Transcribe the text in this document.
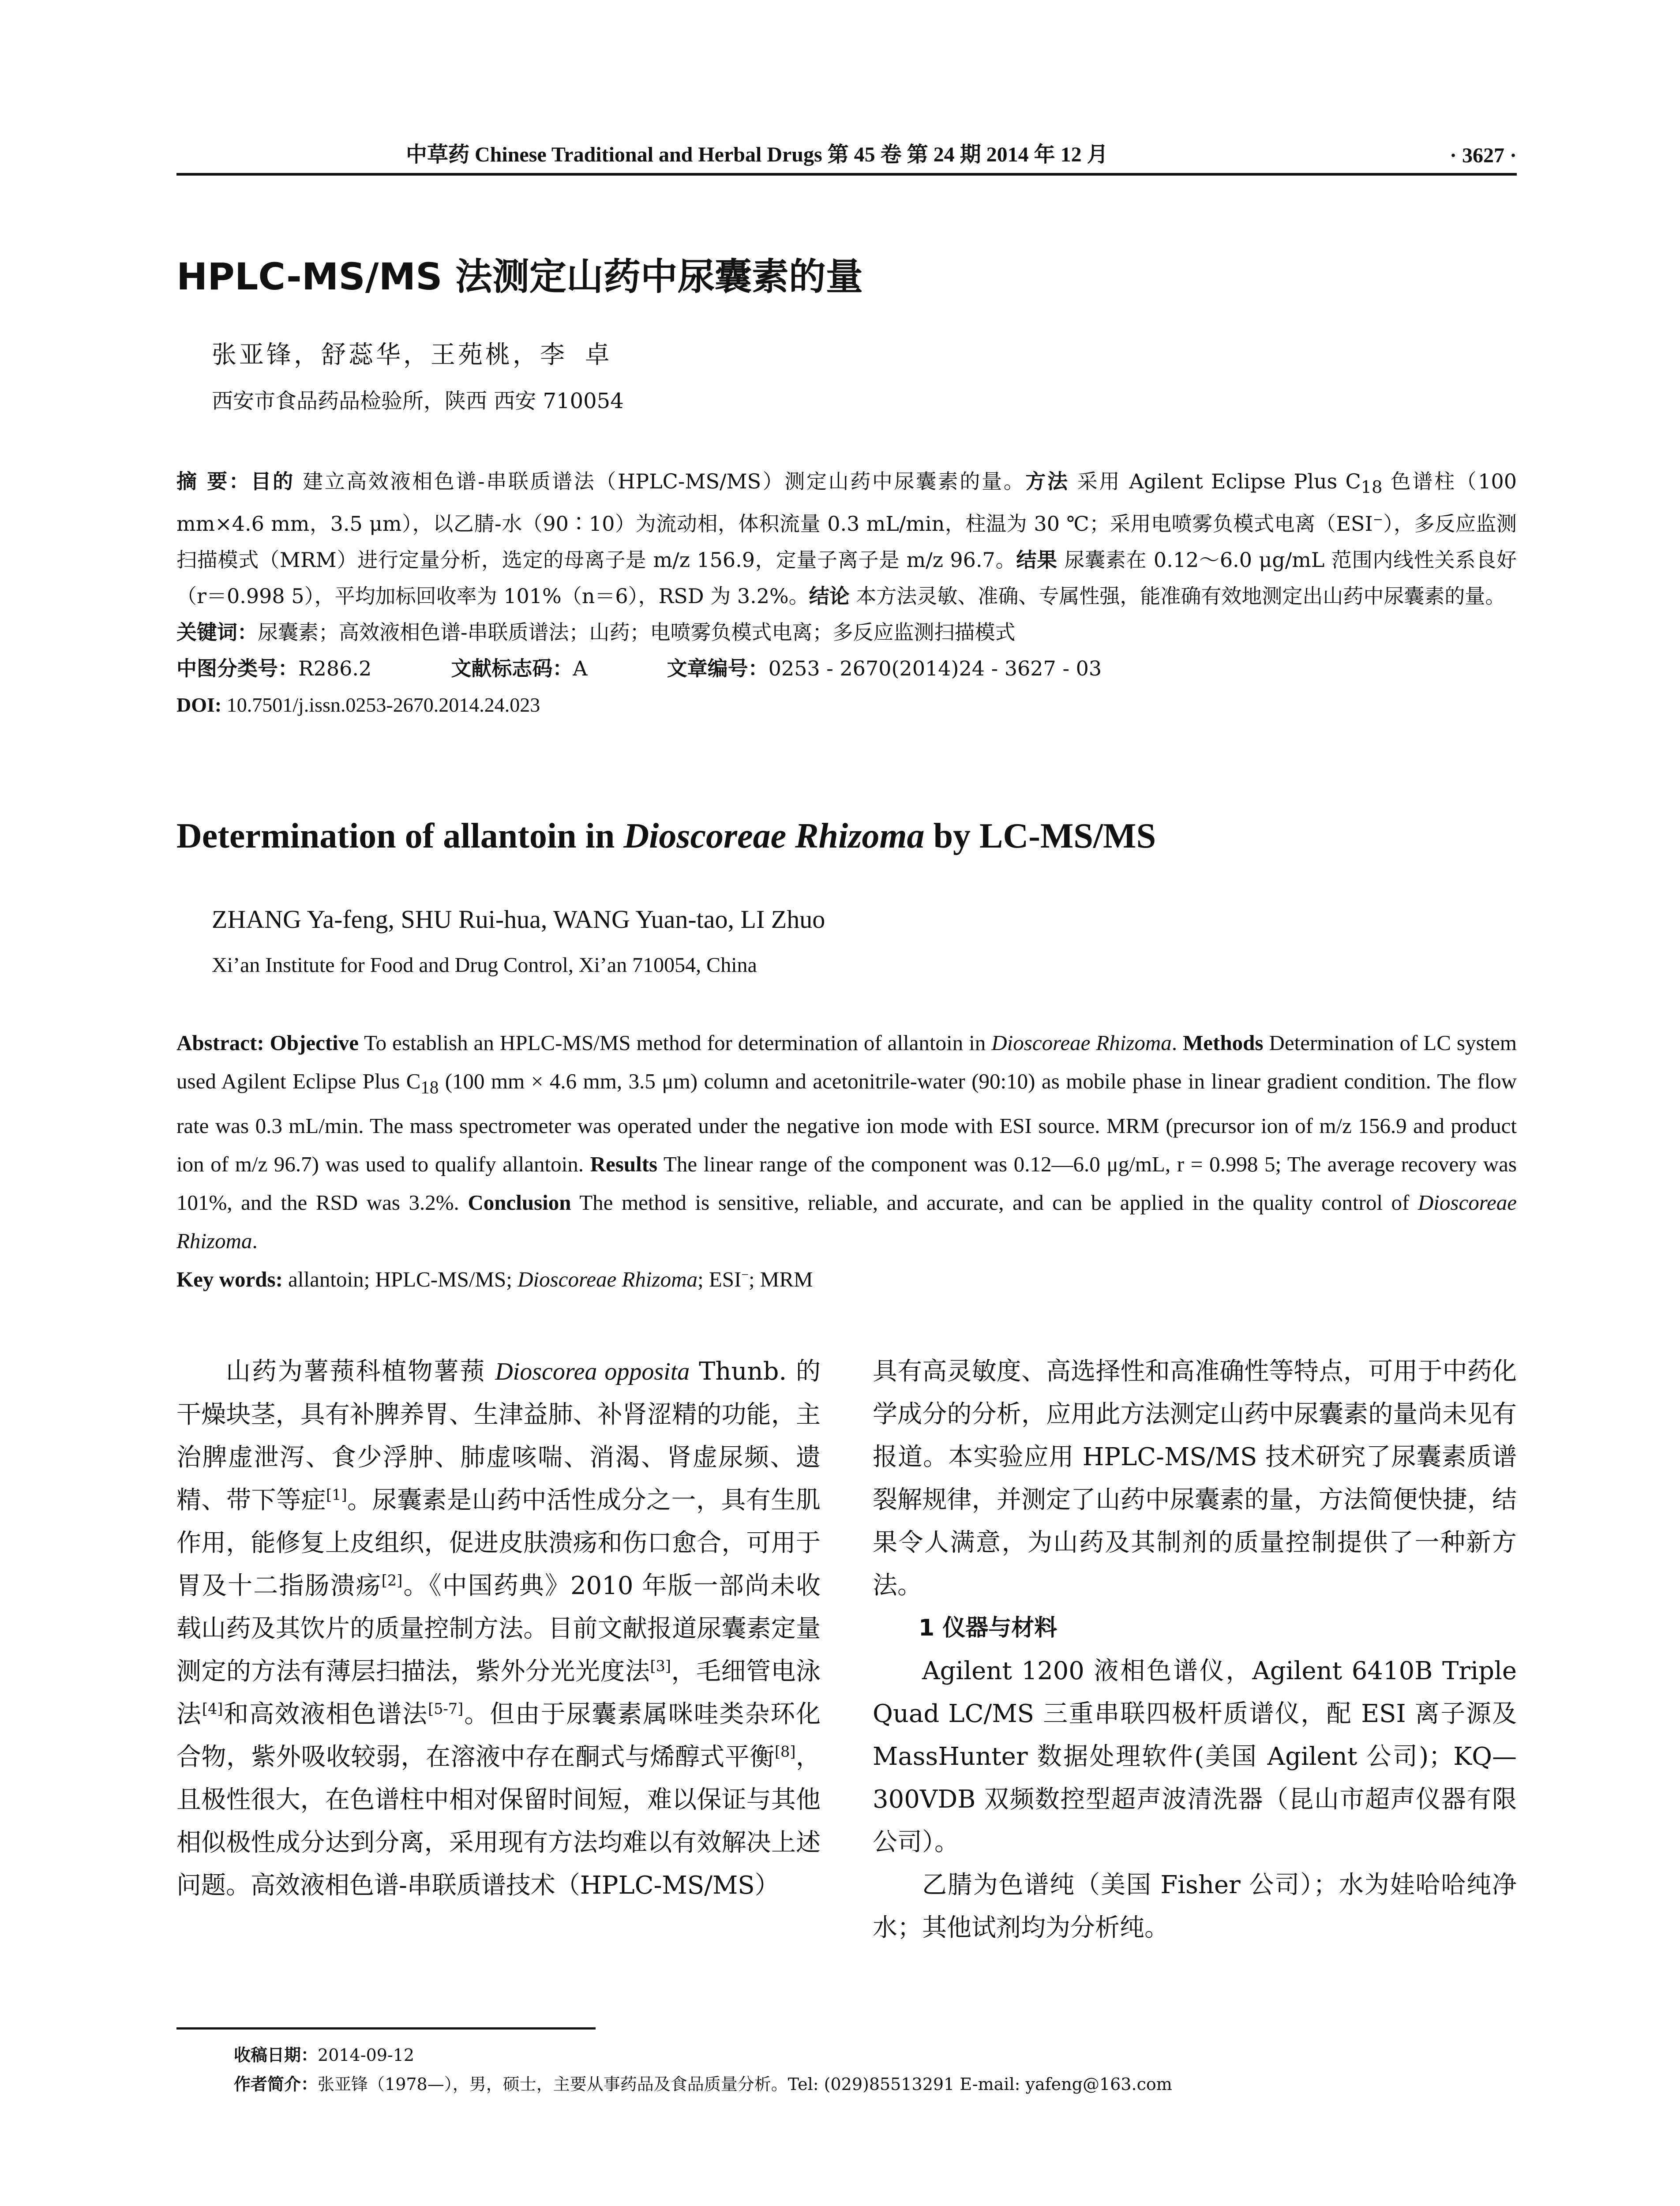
中草药 Chinese Traditional and Herbal Drugs 第 45 卷 第 24 期 2014 年 12 月	· 3627 ·
HPLC-MS/MS 法测定山药中尿囊素的量
张亚锋，舒蕊华，王苑桃，李 卓
西安市食品药品检验所，陕西 西安 710054

摘 要：目的 建立高效液相色谱-串联质谱法（HPLC-MS/MS）测定山药中尿囊素的量。方法 采用 Agilent Eclipse Plus $C_{18}$ 色谱柱（100 mm×4.6 mm，3.5 μm），以乙腈-水（90∶10）为流动相，体积流量 0.3 mL/min，柱温为 30 ℃；采用电喷雾负模式电离（ESI−），多反应监测扫描模式（MRM）进行定量分析，选定的母离子是 m/z 156.9，定量子离子是 m/z 96.7。结果 尿囊素在 0.12～6.0 μg/mL 范围内线性关系良好（r＝0.998 5），平均加标回收率为 101%（n＝6），RSD 为 3.2%。结论 本方法灵敏、准确、专属性强，能准确有效地测定出山药中尿囊素的量。

关键词：尿囊素；高效液相色谱-串联质谱法；山药；电喷雾负模式电离；多反应监测扫描模式

中图分类号：R286.2	文献标志码：A	文章编号：0253 - 2670(2014)24 - 3627 - 03

DOI: 10.7501/j.issn.0253-2670.2014.24.023

Determination of allantoin in Dioscoreae Rhizoma by LC-MS/MS
ZHANG Ya-feng, SHU Rui-hua, WANG Yuan-tao, LI Zhuo
Xi’an Institute for Food and Drug Control, Xi’an 710054, China

Abstract: Objective To establish an HPLC-MS/MS method for determination of allantoin in Dioscoreae Rhizoma. Methods Determination of LC system used Agilent Eclipse Plus $C_{18}$ (100 mm × 4.6 mm, 3.5 μm) column and acetonitrile-water (90:10) as mobile phase in linear gradient condition. The flow rate was 0.3 mL/min. The mass spectrometer was operated under the negative ion mode with ESI source. MRM (precursor ion of m/z 156.9 and product ion of m/z 96.7) was used to qualify allantoin. Results The linear range of the component was 0.12—6.0 μg/mL, r = 0.998 5; The average recovery was 101%, and the RSD was 3.2%. Conclusion The method is sensitive, reliable, and accurate, and can be applied in the quality control of Dioscoreae Rhizoma.

Key words: allantoin; HPLC-MS/MS; Dioscoreae Rhizoma; ESI−; MRM

山药为薯蓣科植物薯蓣 Dioscorea opposita Thunb. 的干燥块茎，具有补脾养胃、生津益肺、补肾涩精的功能，主治脾虚泄泻、食少浮肿、肺虚咳喘、消渴、肾虚尿频、遗精、带下等症[1]。尿囊素是山药中活性成分之一，具有生肌作用，能修复上皮组织，促进皮肤溃疡和伤口愈合，可用于胃及十二指肠溃疡[2]。《中国药典》2010 年版一部尚未收载山药及其饮片的质量控制方法。目前文献报道尿囊素定量测定的方法有薄层扫描法，紫外分光光度法[3]，毛细管电泳法[4]和高效液相色谱法[5-7]。但由于尿囊素属咪哇类杂环化合物，紫外吸收较弱，在溶液中存在酮式与烯醇式平衡[8]，且极性很大，在色谱柱中相对保留时间短，难以保证与其他相似极性成分达到分离，采用现有方法均难以有效解决上述问题。高效液相色谱-串联质谱技术（HPLC-MS/MS）

具有高灵敏度、高选择性和高准确性等特点，可用于中药化学成分的分析，应用此方法测定山药中尿囊素的量尚未见有报道。本实验应用 HPLC-MS/MS 技术研究了尿囊素质谱裂解规律，并测定了山药中尿囊素的量，方法简便快捷，结果令人满意，为山药及其制剂的质量控制提供了一种新方法。

1 仪器与材料

Agilent 1200 液相色谱仪，Agilent 6410B Triple Quad LC/MS 三重串联四极杆质谱仪，配 ESI 离子源及 MassHunter 数据处理软件(美国 Agilent 公司)；KQ—300VDB 双频数控型超声波清洗器（昆山市超声仪器有限公司）。

乙腈为色谱纯（美国 Fisher 公司）；水为娃哈哈纯净水；其他试剂均为分析纯。

收稿日期：2014-09-12
作者简介：张亚锋（1978—），男，硕士，主要从事药品及食品质量分析。Tel: (029)85513291 E-mail: yafeng@163.com
